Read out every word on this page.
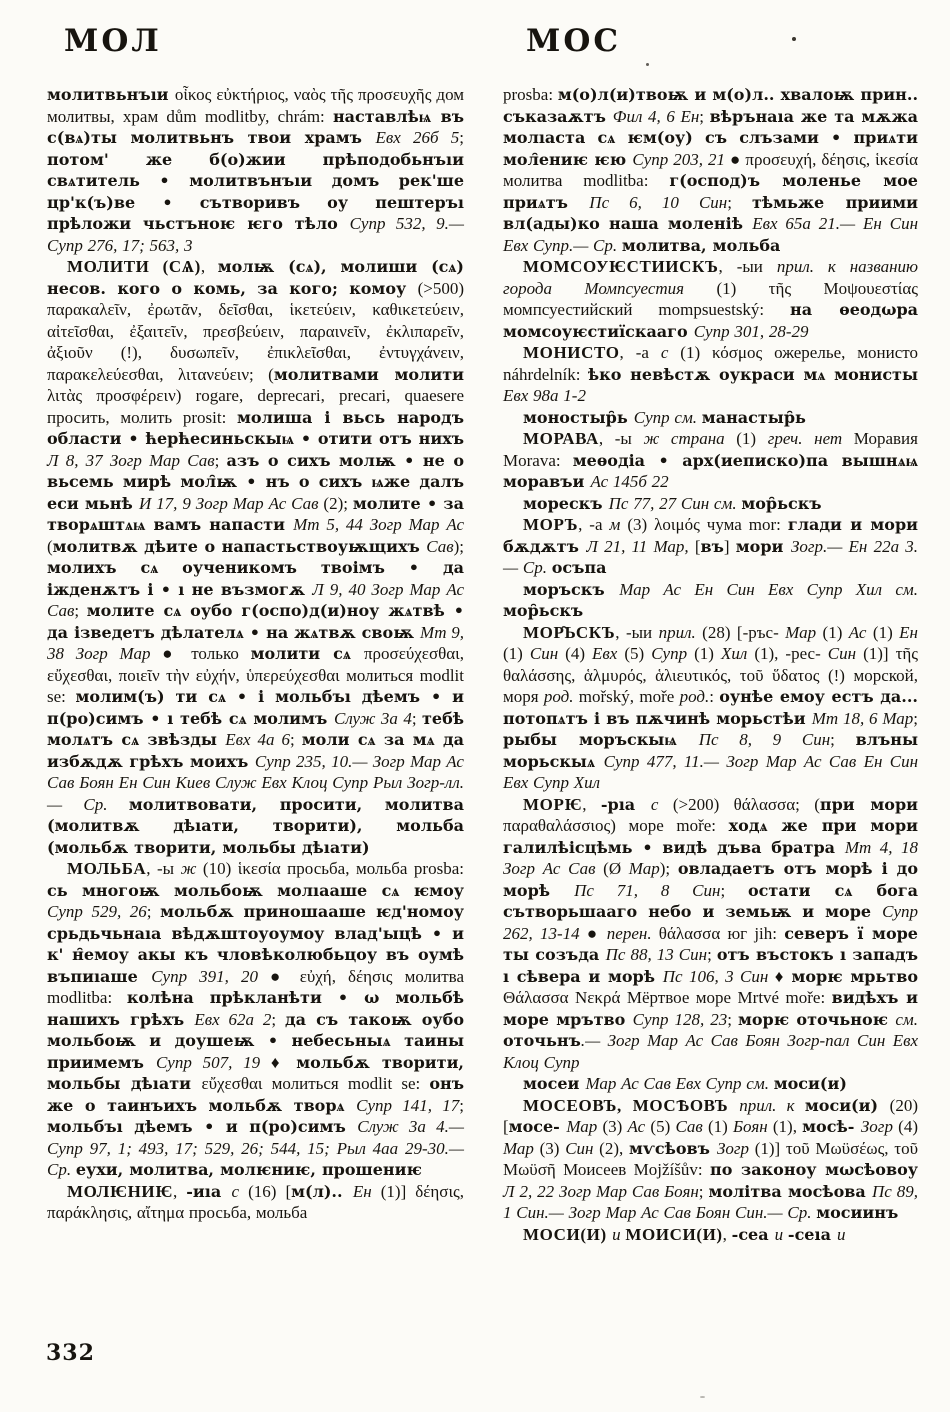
МОЛ	МОС

молитвьнъıи οἶκος εὐκτήριος, ναὸς τῆς προσευχῆς дом молитвы, храм dům modlitby, chrám: наставлѣѩ въ с(вѧ)ты молитвьнъ твои храмъ Евх 26б 5; потом' же б(о)жии прѣподобьнъıи свѧтитель • молитвънъıи домъ рек'ше цр'к(ъ)ве • сътворивъ оу пештеръı прѣложи чьстъноѥ ѥго тѣло Супр 532, 9.— Супр 276, 17; 563, 3

МОЛИТИ (СѦ), молѭ (сѧ), молиши (сѧ) несов. кого о комь, за кого; комоу (>500) παρακαλεῖν, ἐρωτᾶν, δεῖσθαι, ἱκετεύειν, καθικετεύειν, αἰτεῖσθαι, ἐξαιτεῖν, πρεσβεύειν, παραινεῖν, ἐκλιπαρεῖν, ἀξιοῦν (!), δυσωπεῖν, ἐπικλεῖσθαι, ἐντυγχάνειν, παρακελεύεσθαι, λιτανεύειν; (молитвами молити λιτὰς προσφέρειν) rogare, deprecari, precari, quaesere просить, молить prosit: молиша і вьсь народъ области • ћерћесиньскыѩ • отити отъ нихъ Л 8, 37 Зогр Мар Сав; азъ о сихъ молѭ • не о вьсемь мирѣ мол̑ѭ • нъ о сихъ ѩже далъ еси мьнѣ И 17, 9 Зогр Мар Ас Сав (2); молите • за творѧштѧѩ вамъ напасти Мт 5, 44 Зогр Мар Ас (молитвѫ дѣите о напастьствоуѭщихъ Сав); молихъ сѧ оученикомъ твоімъ • да іжденѫтъ і • ı не възмогѫ Л 9, 40 Зогр Мар Ас Сав; молите сѧ оубо г(оспо)д(и)ноу жѧтвѣ • да ізведетъ дѣлателѧ • на жѧтвѫ своѭ Мт 9, 38 Зогр Мар ● только молити сѧ προσεύχεσθαι, εὔχεσθαι, ποιεῖν τὴν εὐχήν, ὑπερεύχεσθαι молиться modlit se: молим(ъ) ти сѧ • і мольбъı дѣемъ • и п(ро)симъ • ı тебѣ сѧ молимъ Служ 3а 4; тебѣ молѧтъ сѧ звѣзды Евх 4а 6; моли сѧ за мѧ да избѫдѫ грѣхъ моихъ Супр 235, 10.— Зогр Мар Ас Сав Боян Ен Син Киев Служ Евх Клоц Супр Рыл Зогр-лл.— Ср. молитвовати, просити, молитва (молитвѫ дѣıати, творити), мольба (мольбѫ творити, мольбы дѣıати)

МОЛЬБА, -ы ж (10) ἱκεσία просьба, мольба prosba: сь многоѭ мольбоѭ молıааше сѧ ѥмоу Супр 529, 26; мольбѫ приношааше ѥд'номоу срьдьчьнаıа вѣдѫштоуоумоу влад'ыцѣ • и к' н̑емоу акы къ чловѣколюбьцоу въ оумѣ въпиıаше Супр 391, 20 ● εὐχή, δέησις молитва modlitba: колѣна прѣкланѣти • ω мольбѣ нашихъ грѣхъ Евх 62а 2; да съ такоѭ оубо мольбоѭ и доушеѭ • небесьныѧ таины приимемъ Супр 507, 19 ♦ мольбѫ творити, мольбы дѣıати εὔχεσθαι молиться modlit se: онъ же о таинъихъ мольбѫ творѧ Супр 141, 17; мольбъı дѣемъ • и п(ро)симъ Служ 3а 4.— Супр 97, 1; 493, 17; 529, 26; 544, 15; Рыл 4аа 29-30.— Ср. еухи, молитва, молѥниѥ, прошениѥ

МОЛѤНИѤ, -иıа с (16) [м(л).. Ен (1)] δέησις, παράκλησις, αἴτημα просьба, мольба

prosba: м(о)л(и)твоѭ и м(о)л.. хвалоѭ прин.. съказаѫтъ Фил 4, 6 Ен; вѣрънаıа же та мѫжа молıаста сѧ ѥм(оу) съ слъзами • приѧти мол̑ениѥ ѥю Супр 203, 21 ● προσευχή, δέησις, ἱκεσία молитва modlitba: г(оспод)ъ моленье мое приѧтъ Пс 6, 10 Син; тѣмьже приими вл(ады)ко наша моленіѣ Евх 65а 21.— Ен Син Евх Супр.— Ср. молитва, мольба

МОМСОУѤСТИИСКЪ, -ыи прил. к названию города Момпсуестия (1) τῆς Μοψουεστίας момпсуестийский mompsuestský: на ѳеодωра момсоуѥстиїскааго Супр 301, 28-29

МОНИСТО, -а с (1) κόσμος ожерелье, монисто náhrdelník: ѣко невѣстѫ оукраси мѧ монисты Евх 98а 1-2

моностыр̑ь Супр см. манастыр̑ь

МОРАВА, -ы ж страна (1) греч. нет Моравия Morava: меѳодіа • арх(иеписко)па вышнѧѩ моравъи Ас 145б 22

морескъ Пс 77, 27 Син см. мор̑ьскъ

МОРЪ, -а м (3) λοιμός чума mor: глади и мори бѫдѫтъ Л 21, 11 Мар, [въ] мори Зогр.— Ен 22а 3.— Ср. осъпа

моръскъ Мар Ас Ен Син Евх Супр Хил см. мор̑ьскъ

МОР̑ЬСКЪ, -ыи прил. (28) [-ръс- Мар (1) Ас (1) Ен (1) Син (4) Евх (5) Супр (1) Хил (1), -рес- Син (1)] τῆς θαλάσσης, ἁλμυρός, ἁλιευτικός, τοῦ ὕδατος (!) морской, моря род. mořský, moře род.: оунѣе емоу естъ да... потопѧтъ і въ пѫчинѣ морьстѣи Мт 18, 6 Мар; рыбы моръскыѩ Пс 8, 9 Син; влъны морьскыѧ Супр 477, 11.— Зогр Мар Ас Сав Ен Син Евх Супр Хил

МОРѤ, -рıа с (>200) θάλασσα; (при мори παραθαλάσσιος) море moře: ходѧ же при мори галилѣісцѣмь • видѣ дъва братра Мт 4, 18 Зогр Ас Сав (Ø Мар); овладаетъ отъ морѣ і до морѣ Пс 71, 8 Син; остати сѧ бога сътворьшааго небо и земьѭ и море Супр 262, 13-14 ● перен. θάλασσα юг jih: северъ ї море ты созъда Пс 88, 13 Син; отъ въстокъ ı западъ ı сѣвера и морѣ Пс 106, 3 Син ♦ морѥ мрьтво Θάλασσα Νεκρά Мёртвое море Mrtvé moře: видѣхъ и море мрътво Супр 128, 23; морѥ оточьноѥ см. оточьнъ.— Зогр Мар Ас Сав Боян Зогр-пал Син Евх Клоц Супр

мосеи Мар Ас Сав Евх Супр см. моси(и)

МОСЕОВЪ, МОСѢОВЪ прил. к моси(и) (20) [мосе- Мар (3) Ас (5) Сав (1) Боян (1), мосѣ- Зогр (4) Мар (3) Син (2), мѵсѣовъ Зогр (1)] τοῦ Μωϋσέως, τοῦ Μωϋσῆ Моисеев Mojžíšův: по законоу мωсѣовоу Л 2, 22 Зогр Мар Сав Боян; молітва мосѣова Пс 89, 1 Син.— Зогр Мар Ас Сав Боян Син.— Ср. мосиинъ

МОСИ(И) и МОИСИ(И), -сеа и -сеıа и

332
